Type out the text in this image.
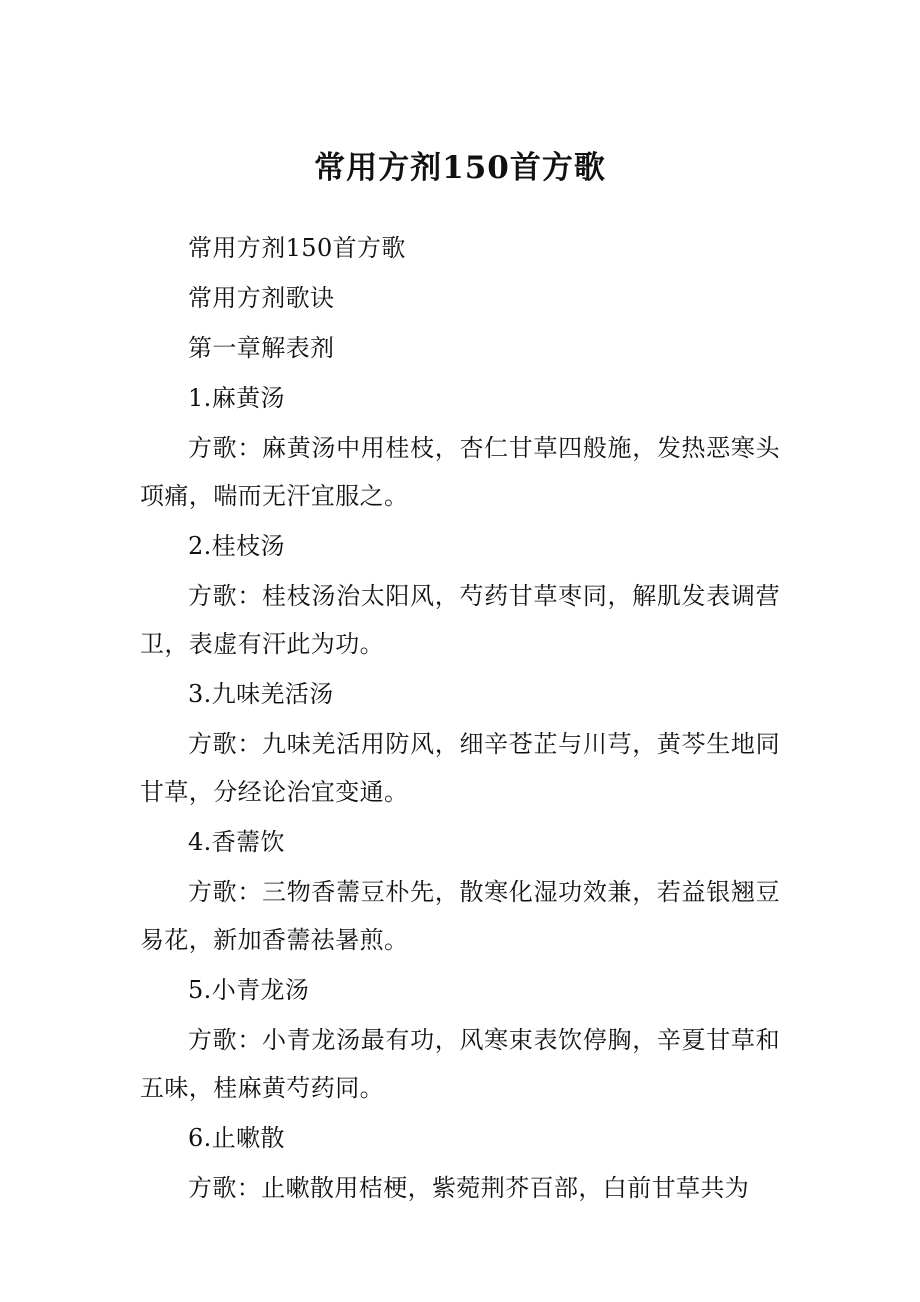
常用方剂150首方歌

常用方剂150首方歌

常用方剂歌诀

第一章解表剂

1.麻黄汤

方歌：麻黄汤中用桂枝，杏仁甘草四般施，发热恶寒头项痛，喘而无汗宜服之。

2.桂枝汤

方歌：桂枝汤治太阳风，芍药甘草枣同，解肌发表调营卫，表虚有汗此为功。

3.九味羌活汤

方歌：九味羌活用防风，细辛苍芷与川芎，黄芩生地同甘草，分经论治宜变通。

4.香薷饮

方歌：三物香薷豆朴先，散寒化湿功效兼，若益银翘豆易花，新加香薷祛暑煎。

5.小青龙汤

方歌：小青龙汤最有功，风寒束表饮停胸，辛夏甘草和五味，桂麻黄芍药同。

6.止嗽散

方歌：止嗽散用桔梗，紫菀荆芥百部，白前甘草共为
